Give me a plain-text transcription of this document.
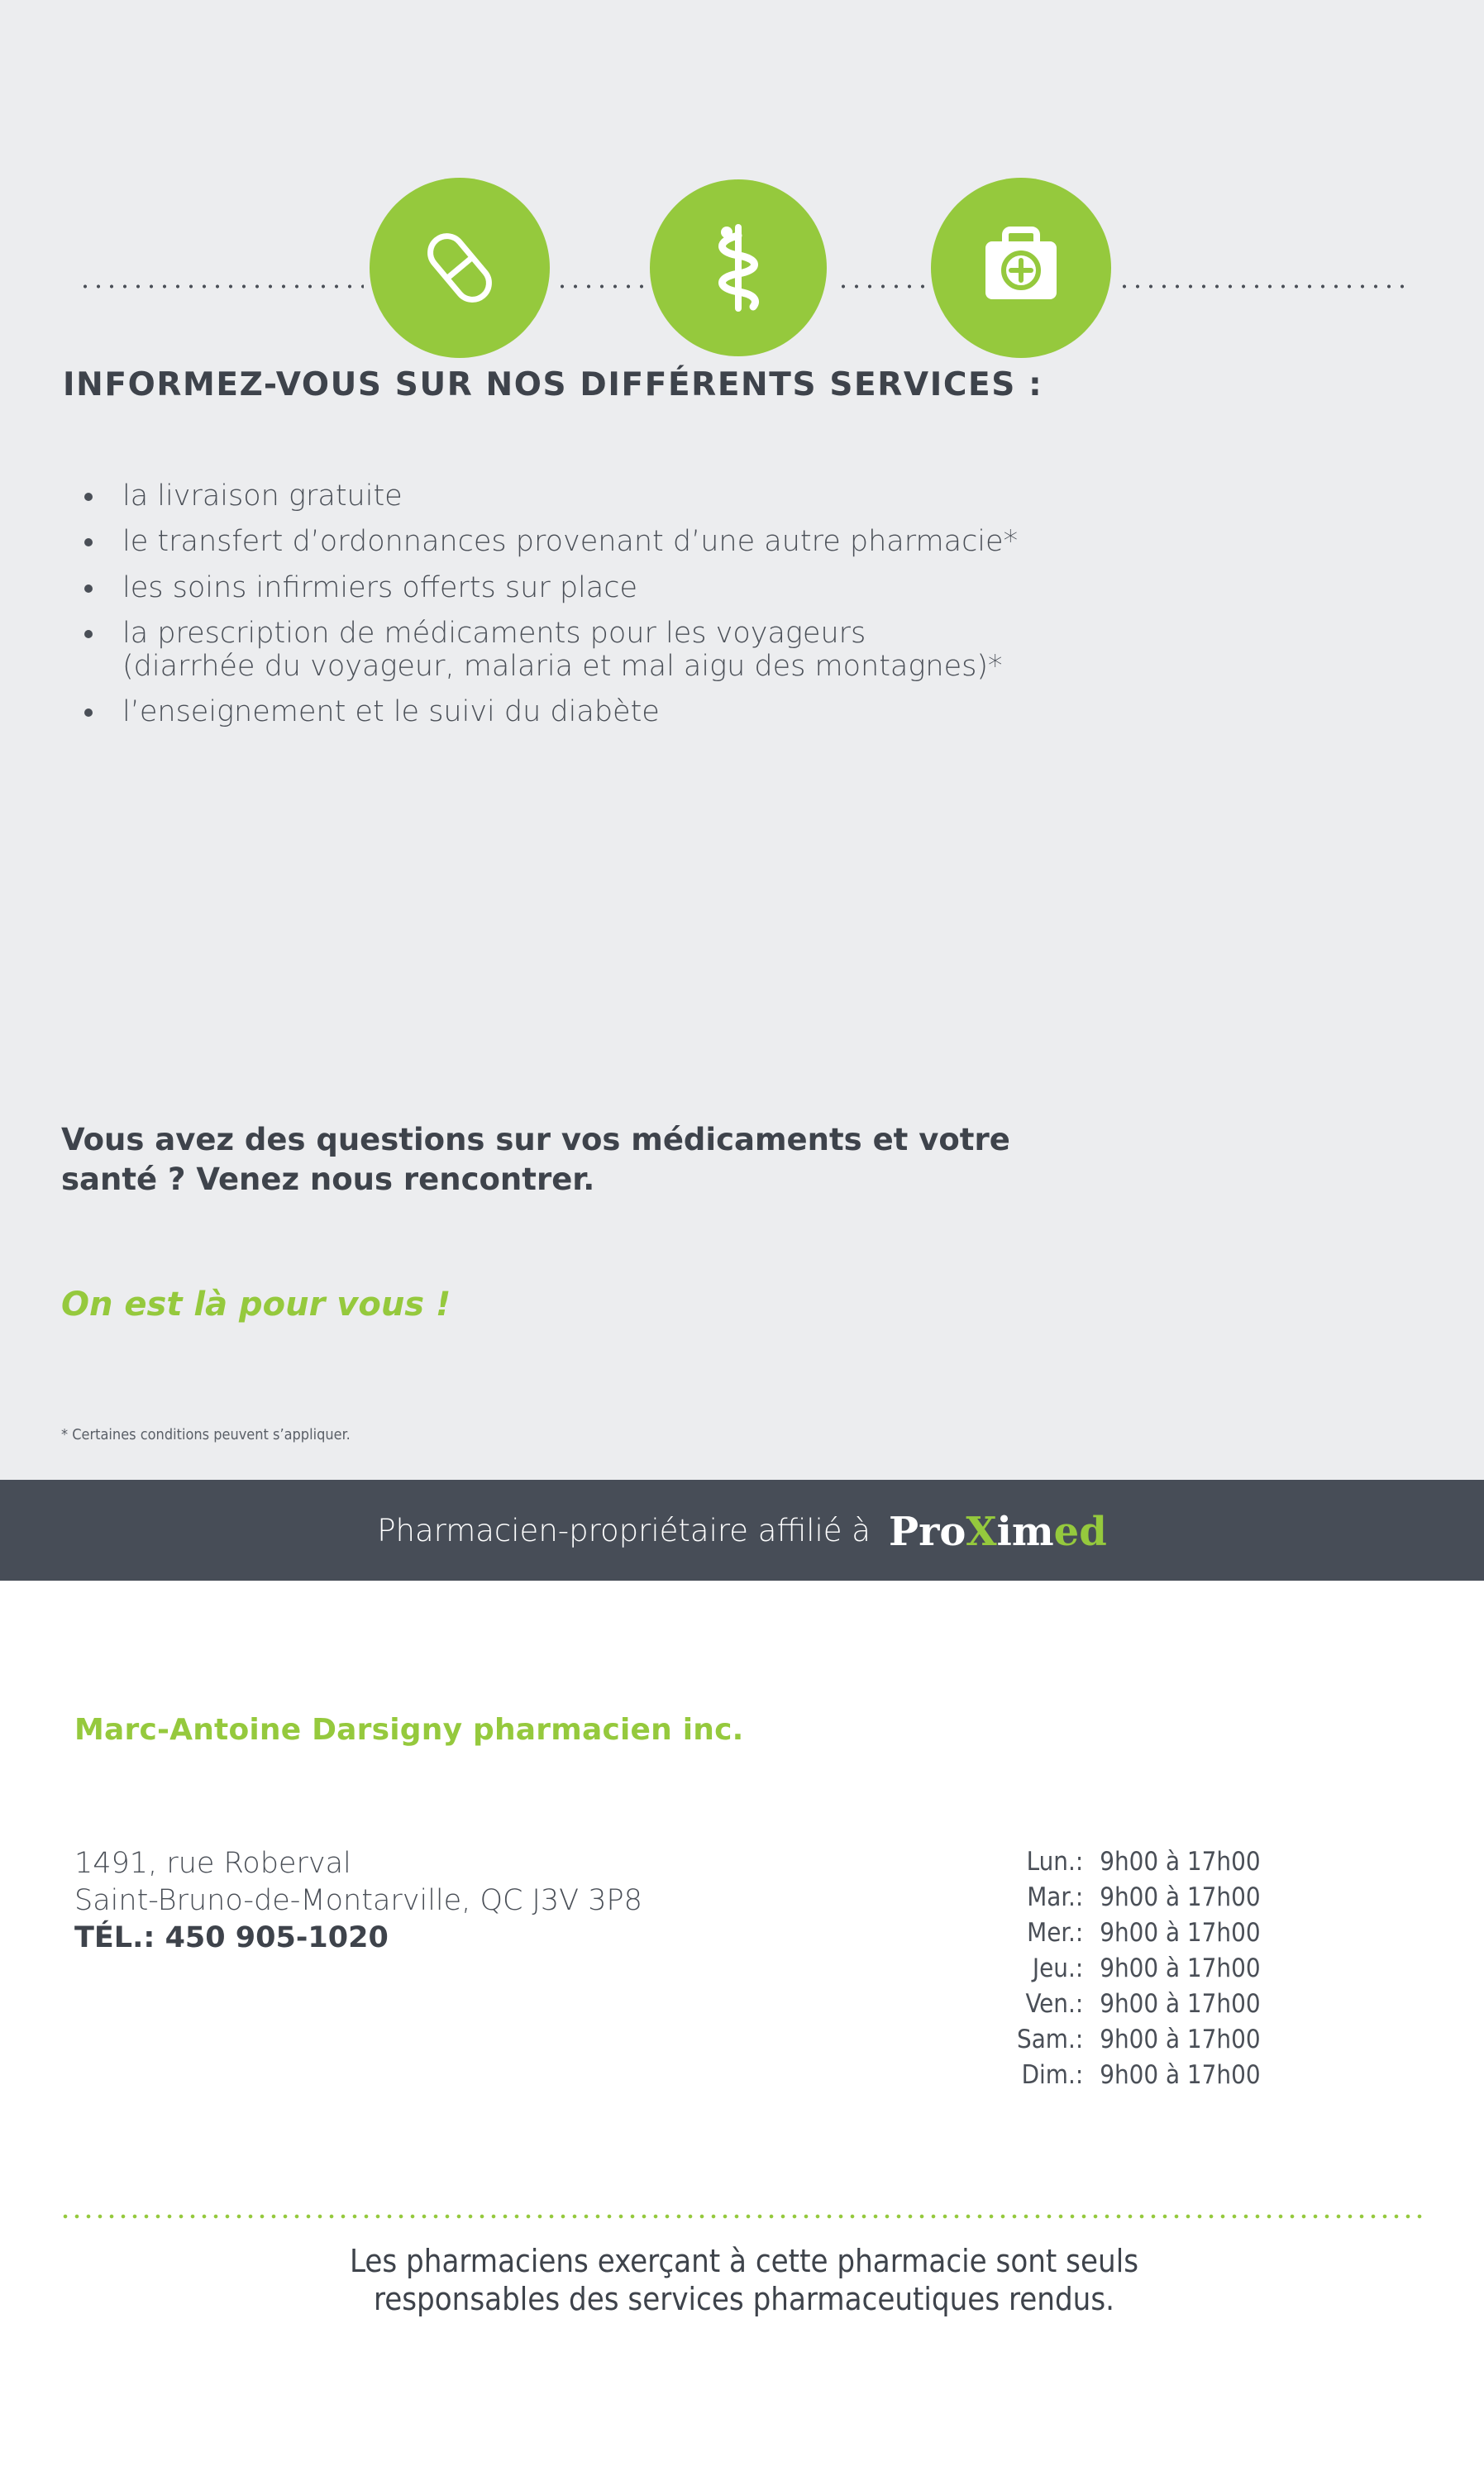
INFORMEZ-VOUS SUR NOS DIFFÉRENTS SERVICES :
la livraison gratuite
le transfert d’ordonnances provenant d’une autre pharmacie*
les soins infirmiers offerts sur place
la prescription de médicaments pour les voyageurs
(diarrhée du voyageur, malaria et mal aigu des montagnes)*
l’enseignement et le suivi du diabète
Vous avez des questions sur vos médicaments et votre
santé ? Venez nous rencontrer.
On est là pour vous !
* Certaines conditions peuvent s’appliquer.
Pharmacien-propriétaire affilié à ProXimed
Marc-Antoine Darsigny pharmacien inc.
1491, rue Roberval
Saint-Bruno-de-Montarville, QC J3V 3P8
TÉL.: 450 905-1020
Lun.:	9h00 à 17h00
Mar.:	9h00 à 17h00
Mer.:	9h00 à 17h00
Jeu.:	9h00 à 17h00
Ven.:	9h00 à 17h00
Sam.:	9h00 à 17h00
Dim.:	9h00 à 17h00
Les pharmaciens exerçant à cette pharmacie sont seuls
responsables des services pharmaceutiques rendus.
